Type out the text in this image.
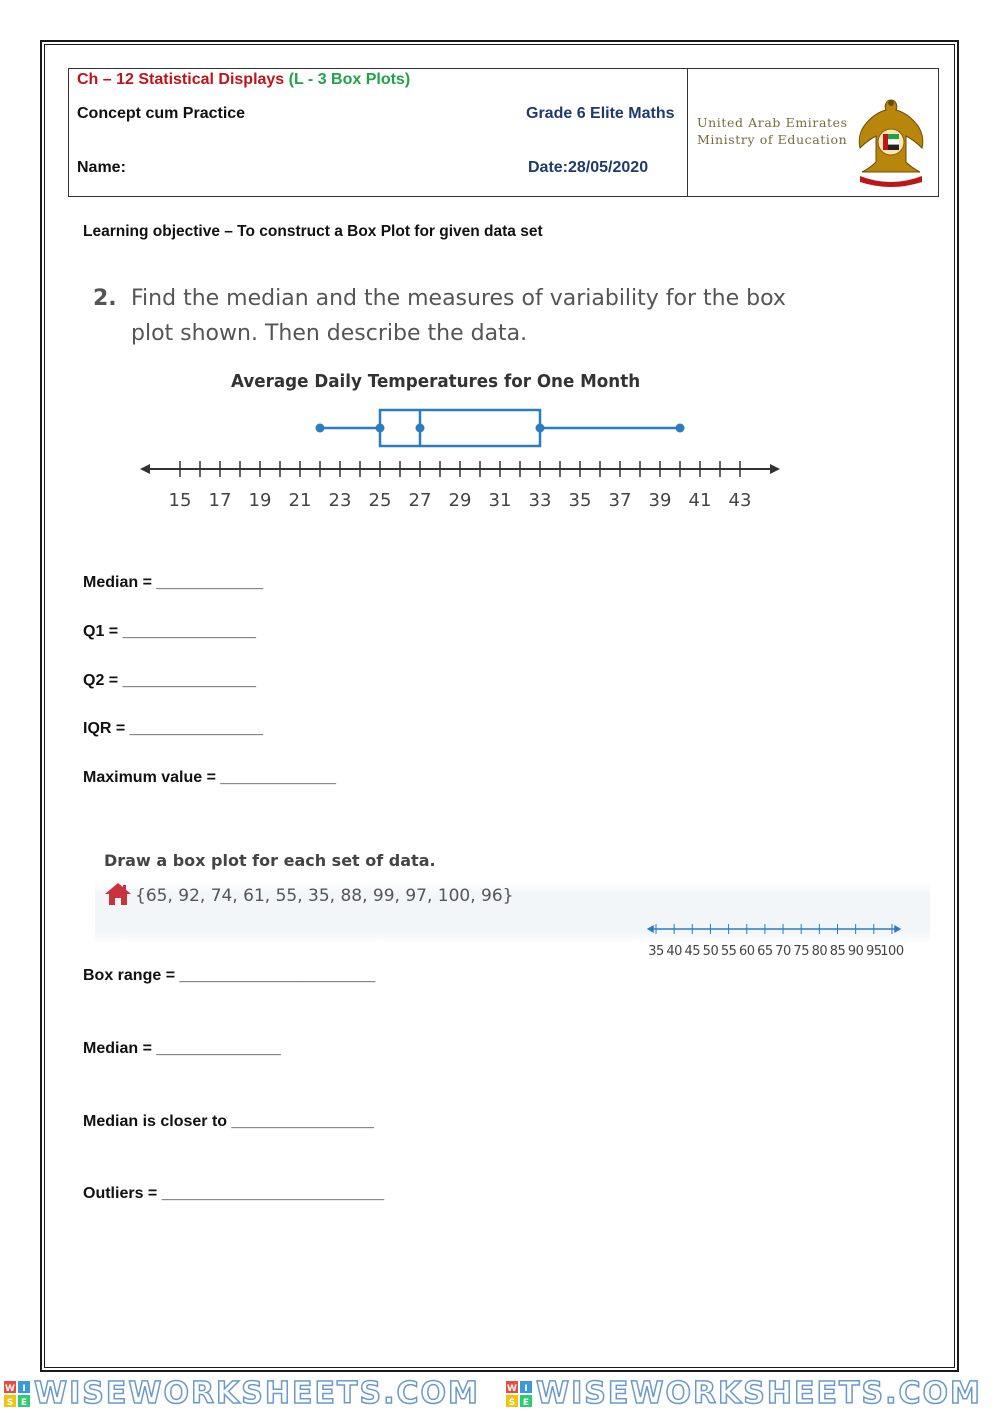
Ch – 12 Statistical Displays (L - 3 Box Plots)
Concept cum Practice	Grade 6 Elite Maths
Name:	Date:28/05/2020
United Arab Emirates
Ministry of Education
Learning objective – To construct a Box Plot for given data set
2. Find the median and the measures of variability for the box
plot shown. Then describe the data.
Average Daily Temperatures for One Month
15 17 19 21 23 25 27 29 31 33 35 37 39 41 43
Median = ____________
Q1 = _______________
Q2 = _______________
IQR = _______________
Maximum value = _____________
Draw a box plot for each set of data.
{65, 92, 74, 61, 55, 35, 88, 99, 97, 100, 96}
35 40 45 50 55 60 65 70 75 80 85 90 95
100
Box range = ______________________
Median = ______________
Median is closer to ________________
Outliers = _________________________
W I
S E WISEWORKSHEETS.COM	W I
S E WISEWORKSHEETS.COM
